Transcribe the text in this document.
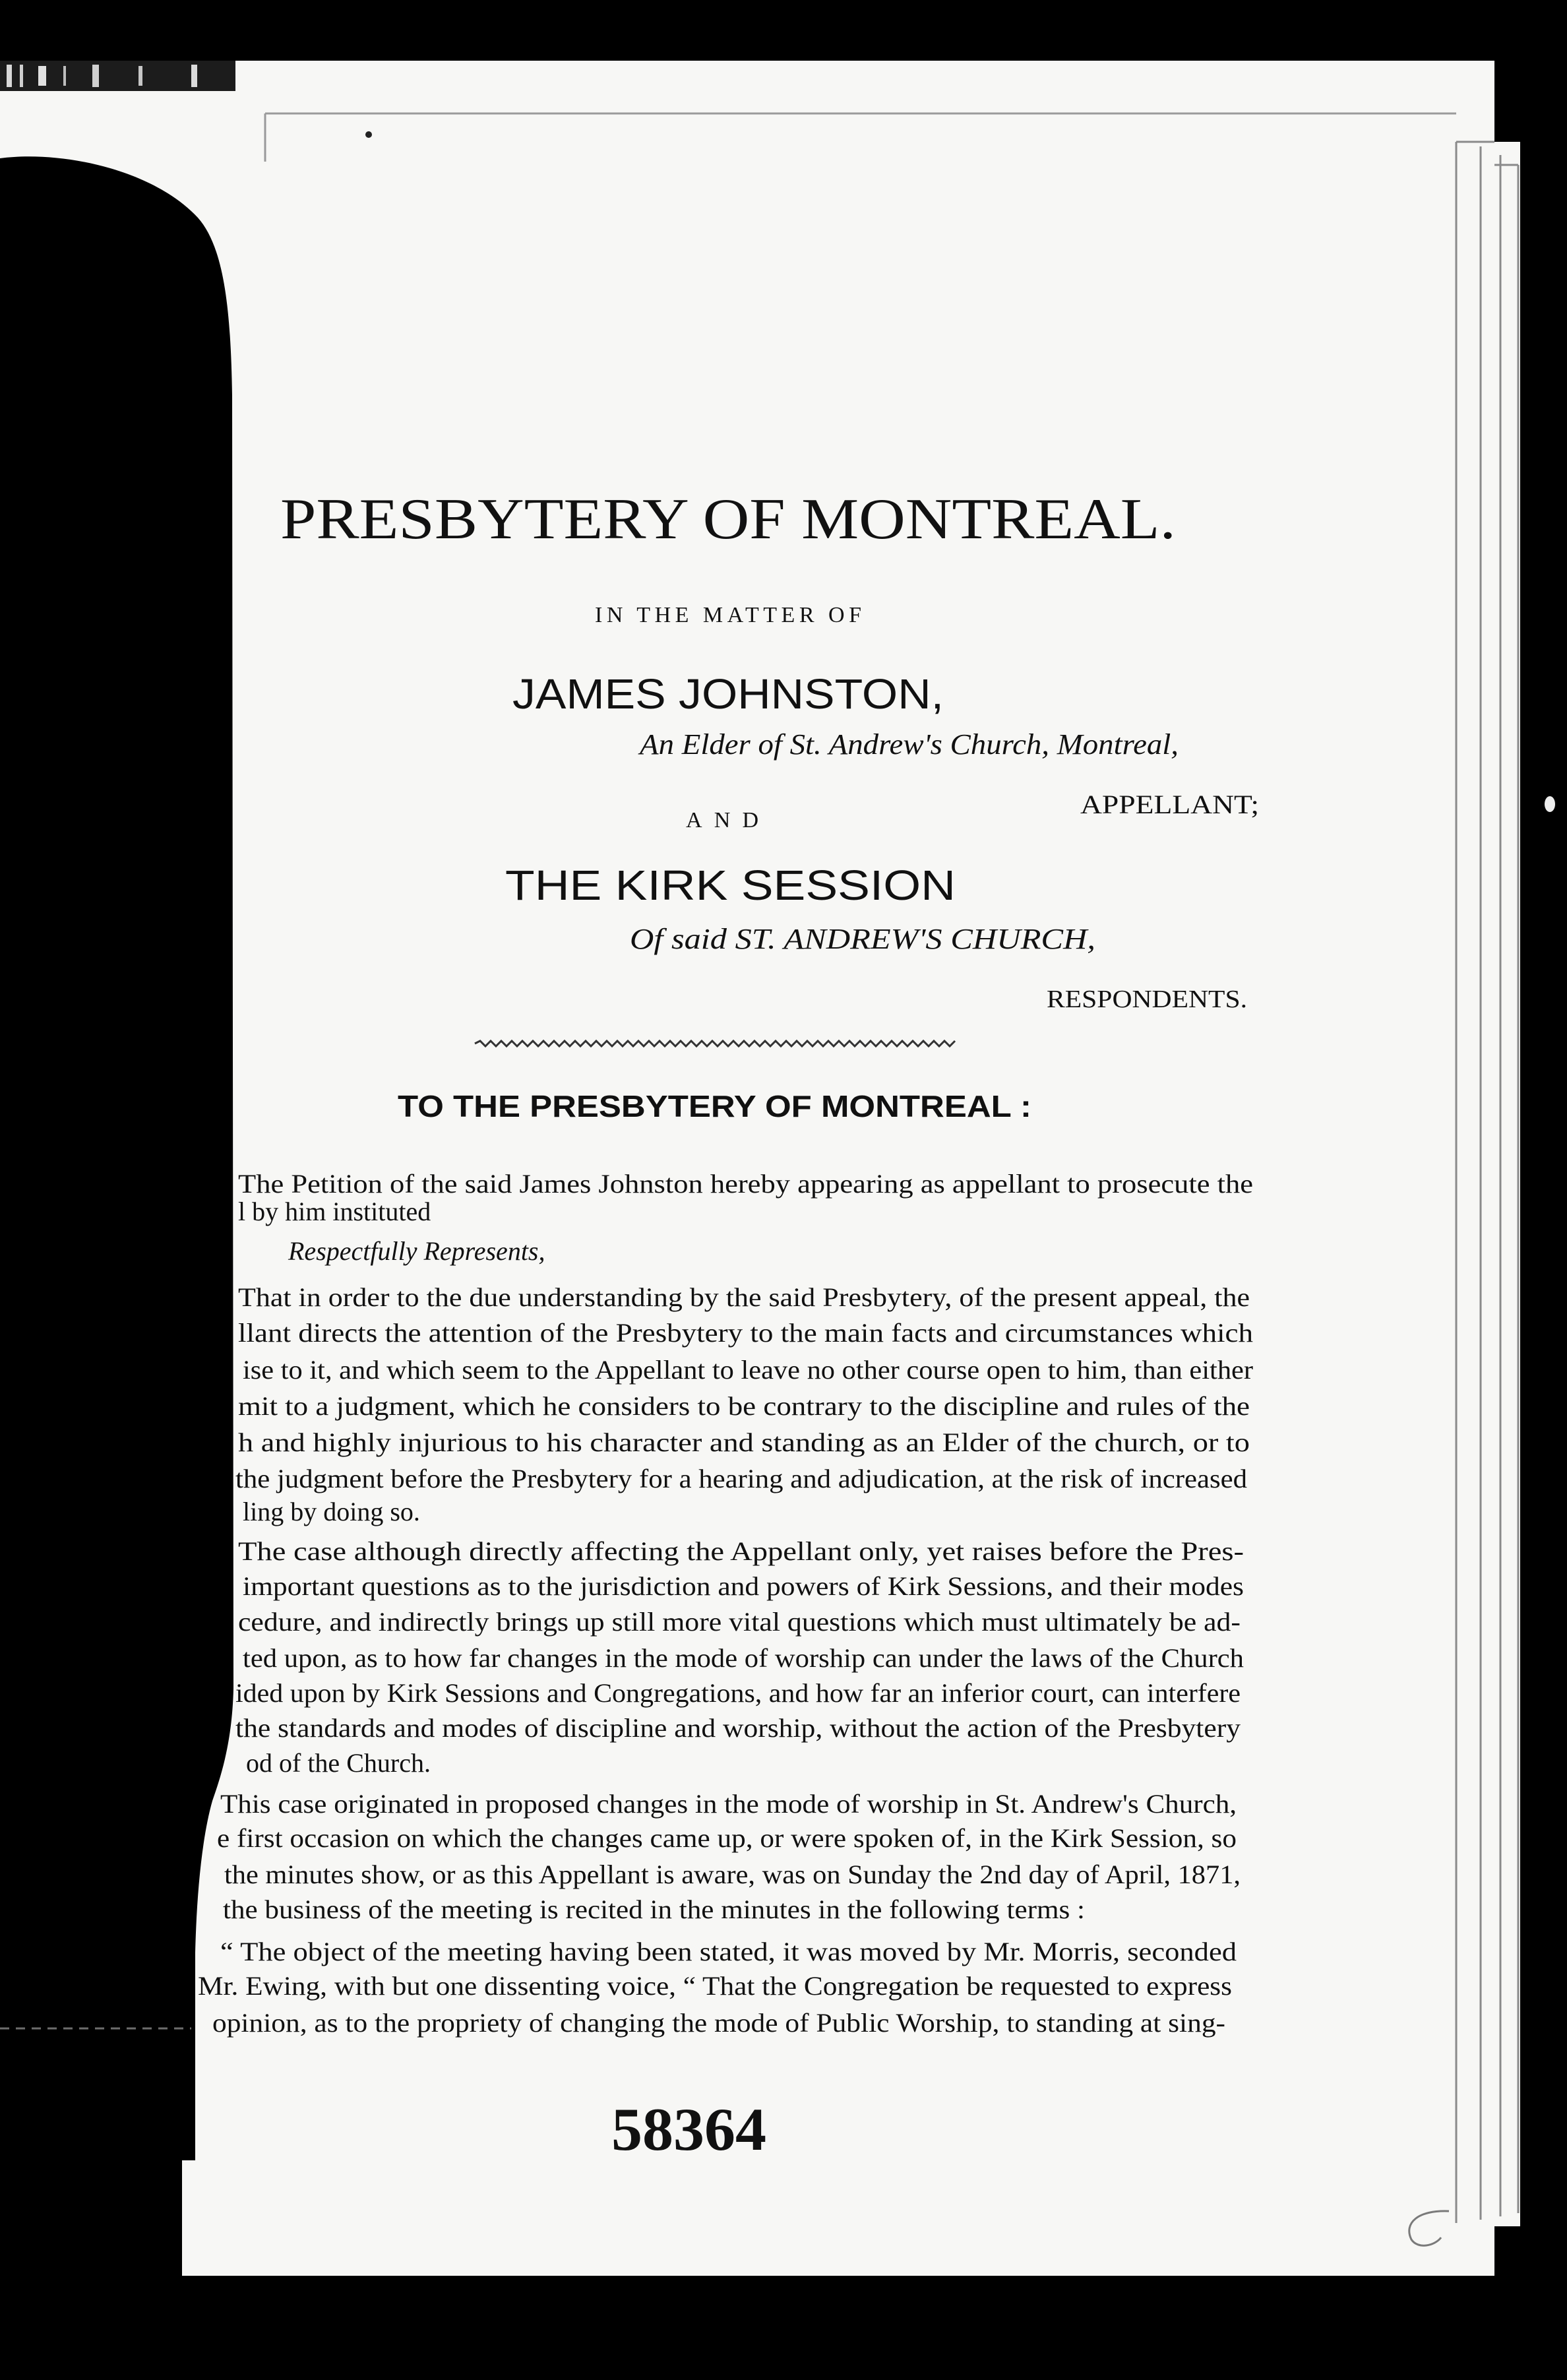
PRESBYTERY OF MONTREAL.
IN THE MATTER OF
JAMES JOHNSTON,
An Elder of St. Andrew's Church, Montreal,
APPELLANT;
AND
THE KIRK SESSION
Of said ST. ANDREW'S CHURCH,
RESPONDENTS.
TO THE PRESBYTERY OF MONTREAL :
The Petition of the said James Johnston hereby appearing as appellant to prosecute the
l by him instituted
Respectfully Represents,
That in order to the due understanding by the said Presbytery, of the present appeal, the
llant directs the attention of the Presbytery to the main facts and circumstances which
ise to it, and which seem to the Appellant to leave no other course open to him, than either
mit to a judgment, which he considers to be contrary to the discipline and rules of the
h and highly injurious to his character and standing as an Elder of the church, or to
the judgment before the Presbytery for a hearing and adjudication, at the risk of increased
ling by doing so.
The case although directly affecting the Appellant only, yet raises before the Pres-
important questions as to the jurisdiction and powers of Kirk Sessions, and their modes
cedure, and indirectly brings up still more vital questions which must ultimately be ad-
ted upon, as to how far changes in the mode of worship can under the laws of the Church
ided upon by Kirk Sessions and Congregations, and how far an inferior court, can interfere
the standards and modes of discipline and worship, without the action of the Presbytery
od of the Church.
This case originated in proposed changes in the mode of worship in St. Andrew's Church,
e first occasion on which the changes came up, or were spoken of, in the Kirk Session, so
the minutes show, or as this Appellant is aware, was on Sunday the 2nd day of April, 1871,
the business of the meeting is recited in the minutes in the following terms :
“ The object of the meeting having been stated, it was moved by Mr. Morris, seconded
Mr. Ewing, with but one dissenting voice, “ That the Congregation be requested to express
opinion, as to the propriety of changing the mode of Public Worship, to standing at sing-
58364
